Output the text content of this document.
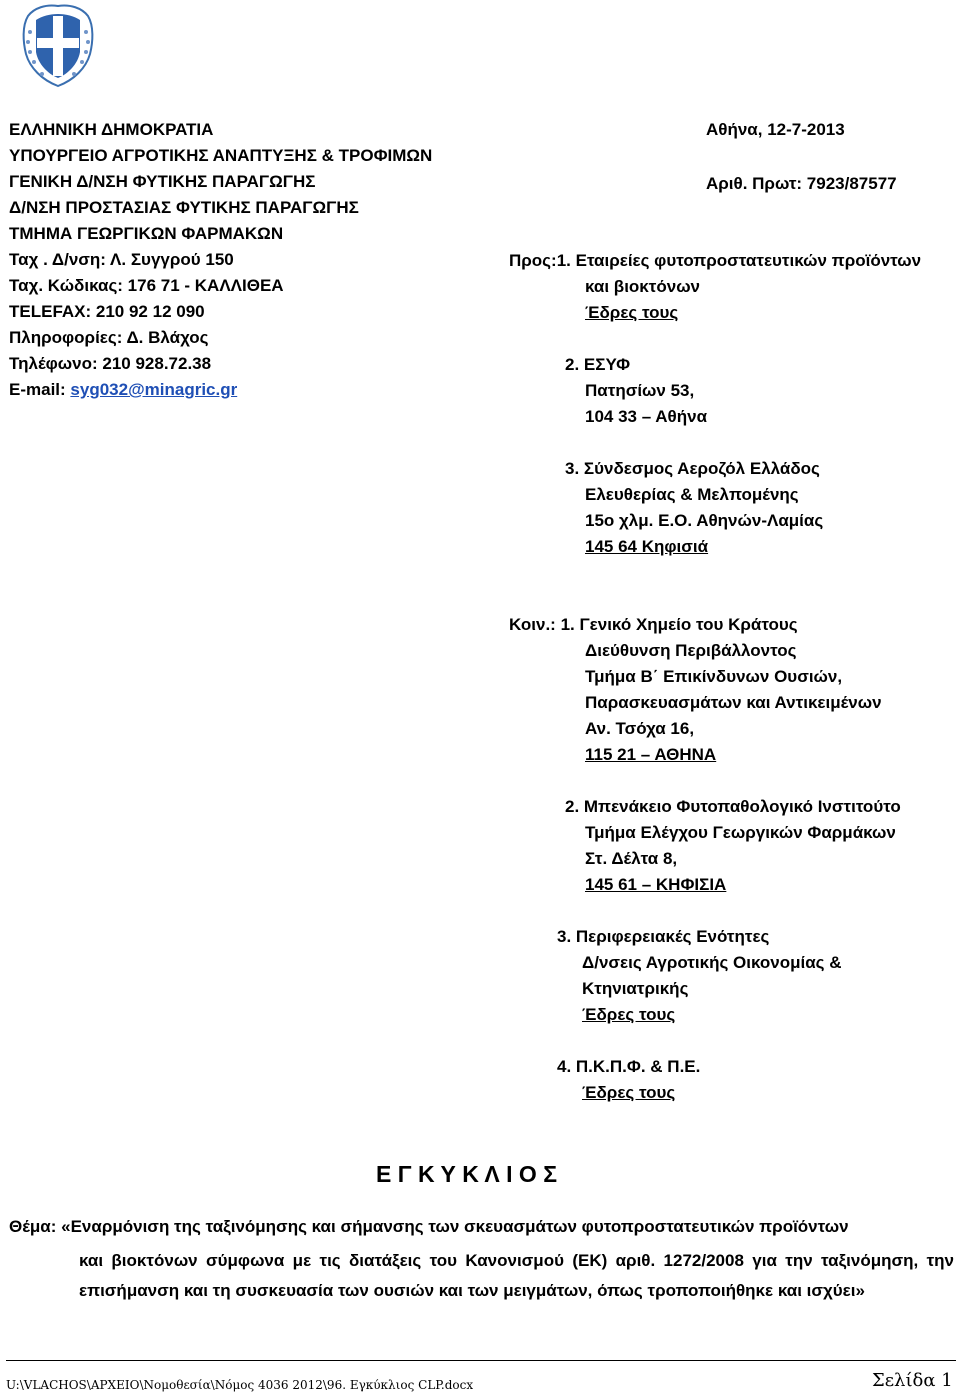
ΕΛΛΗΝΙΚΗ ΔΗΜΟΚΡΑΤΙΑ
ΥΠΟΥΡΓΕΙΟ ΑΓΡΟΤΙΚΗΣ ΑΝΑΠΤΥΞΗΣ & ΤΡΟΦΙΜΩΝ
ΓΕΝΙΚΗ Δ/ΝΣΗ ΦΥΤΙΚΗΣ ΠΑΡΑΓΩΓΗΣ
Δ/ΝΣΗ ΠΡΟΣΤΑΣΙΑΣ ΦΥΤΙΚΗΣ ΠΑΡΑΓΩΓΗΣ
ΤΜΗΜΑ ΓΕΩΡΓΙΚΩΝ ΦΑΡΜΑΚΩΝ
Ταχ . Δ/νση: Λ. Συγγρού 150
Ταχ. Κώδικας: 176 71 - ΚΑΛΛΙΘΕΑ
TELEFAX: 210 92 12 090
Πληροφορίες: Δ. Βλάχος
Τηλέφωνο: 210 928.72.38
E-mail: syg032@minagric.gr
Αθήνα, 12-7-2013
Αριθ. Πρωτ: 7923/87577
Προς:1. Εταιρείες φυτοπροστατευτικών προϊόντων
και βιοκτόνων
Έδρες τους
2. ΕΣΥΦ
Πατησίων 53,
104 33 – Αθήνα
3. Σύνδεσμος Αεροζόλ Ελλάδος
Ελευθερίας & Μελπομένης
15ο χλμ. Ε.Ο. Αθηνών-Λαμίας
145 64 Κηφισιά
Κοιν.: 1. Γενικό Χημείο του Κράτους
Διεύθυνση Περιβάλλοντος
Τμήμα Β΄ Επικίνδυνων Ουσιών,
Παρασκευασμάτων και Αντικειμένων
Αν. Τσόχα 16,
115 21 – ΑΘΗΝΑ
2. Μπενάκειο Φυτοπαθολογικό Ινστιτούτο
Τμήμα Ελέγχου Γεωργικών Φαρμάκων
Στ. Δέλτα 8,
145 61 – ΚΗΦΙΣΙΑ
3. Περιφερειακές Ενότητες
Δ/νσεις Αγροτικής Οικονομίας &
Κτηνιατρικής
Έδρες τους
4. Π.Κ.Π.Φ. & Π.Ε.
Έδρες τους
Ε Γ Κ Υ Κ Λ Ι Ο Σ
Θέμα: «Εναρμόνιση της ταξινόμησης και σήμανσης των σκευασμάτων φυτοπροστατευτικών προϊόντων
και βιοκτόνων σύμφωνα με τις διατάξεις του Κανονισμού (ΕΚ) αριθ. 1272/2008 για την ταξινόμηση, την επισήμανση και τη συσκευασία των ουσιών και των μειγμάτων, όπως τροποποιήθηκε και ισχύει»
U:\VLACHOS\ΑΡΧΕΙΟ\Νομοθεσία\Νόμος 4036 2012\96. Εγκύκλιος CLP.docx	Σελίδα 1
